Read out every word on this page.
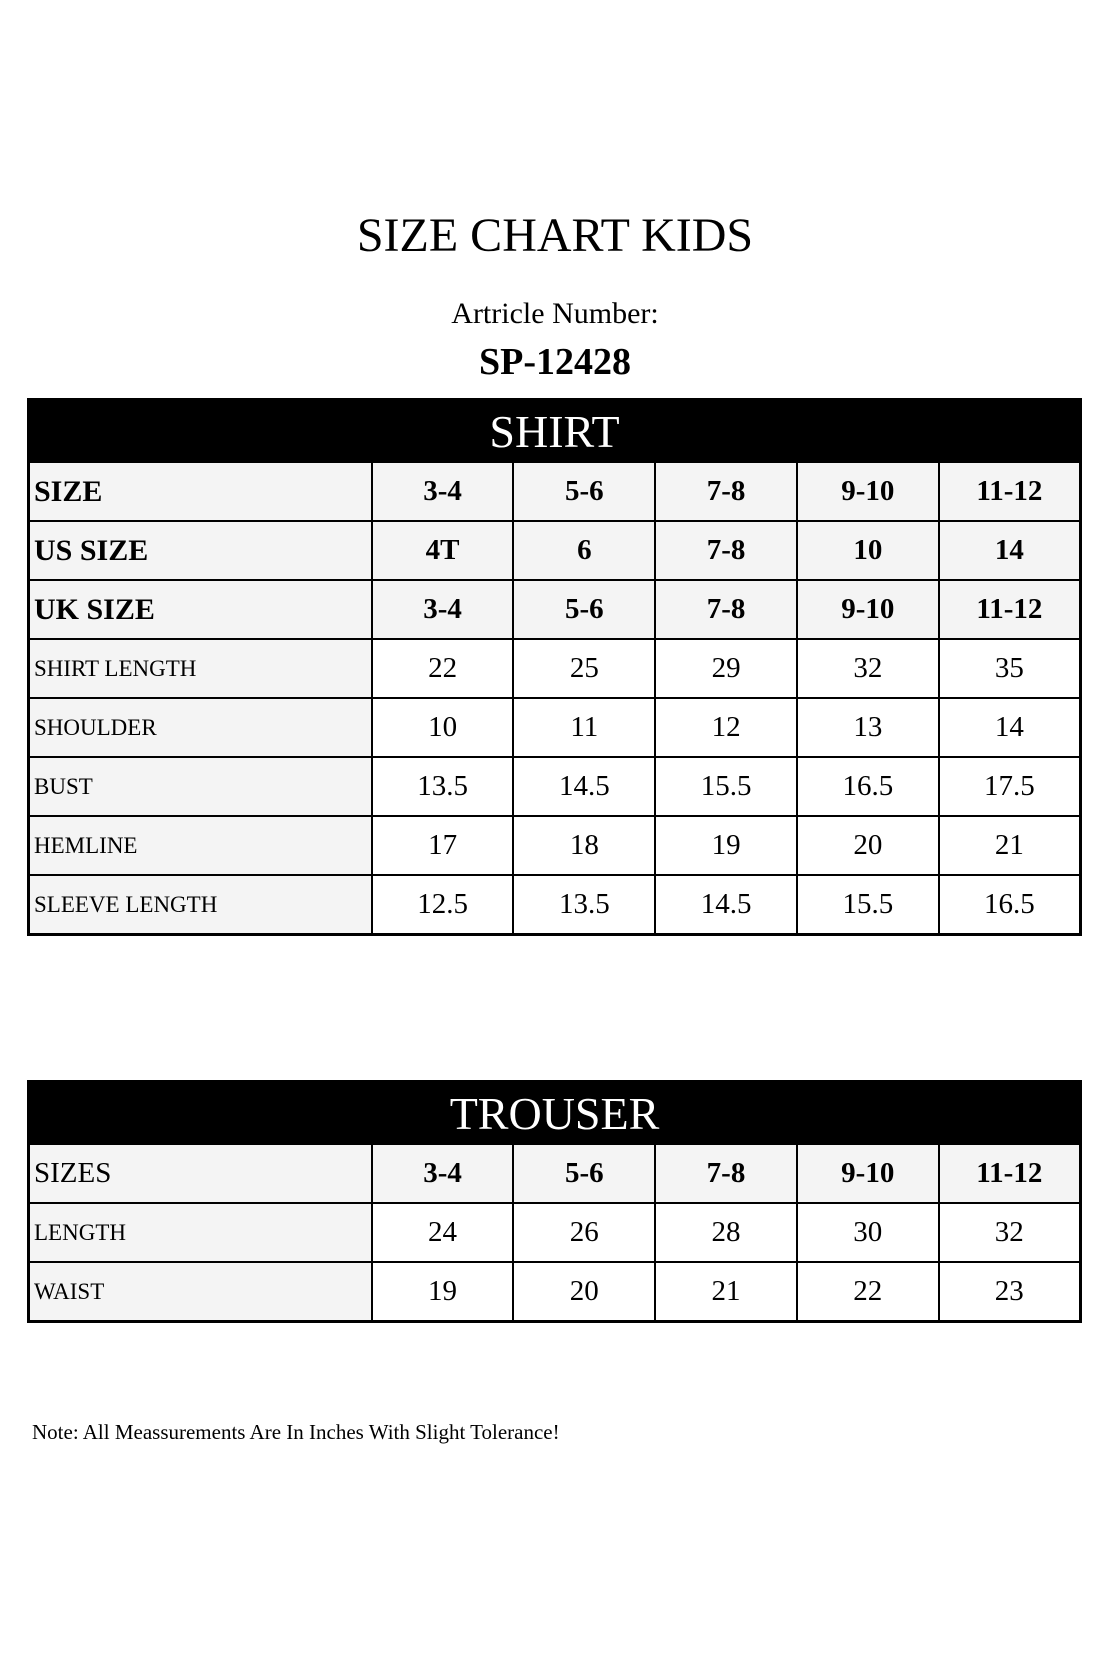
SIZE CHART KIDS
Artricle Number:
SP-12428
SHIRT					
SIZE	3-4	5-6	7-8	9-10	11-12
US SIZE	4T	6	7-8	10	14
UK SIZE	3-4	5-6	7-8	9-10	11-12
SHIRT LENGTH	22	25	29	32	35
SHOULDER	10	11	12	13	14
BUST	13.5	14.5	15.5	16.5	17.5
HEMLINE	17	18	19	20	21
SLEEVE LENGTH	12.5	13.5	14.5	15.5	16.5
TROUSER					
SIZES	3-4	5-6	7-8	9-10	11-12
LENGTH	24	26	28	30	32
WAIST	19	20	21	22	23
Note: All Meassurements Are In Inches With Slight Tolerance!
